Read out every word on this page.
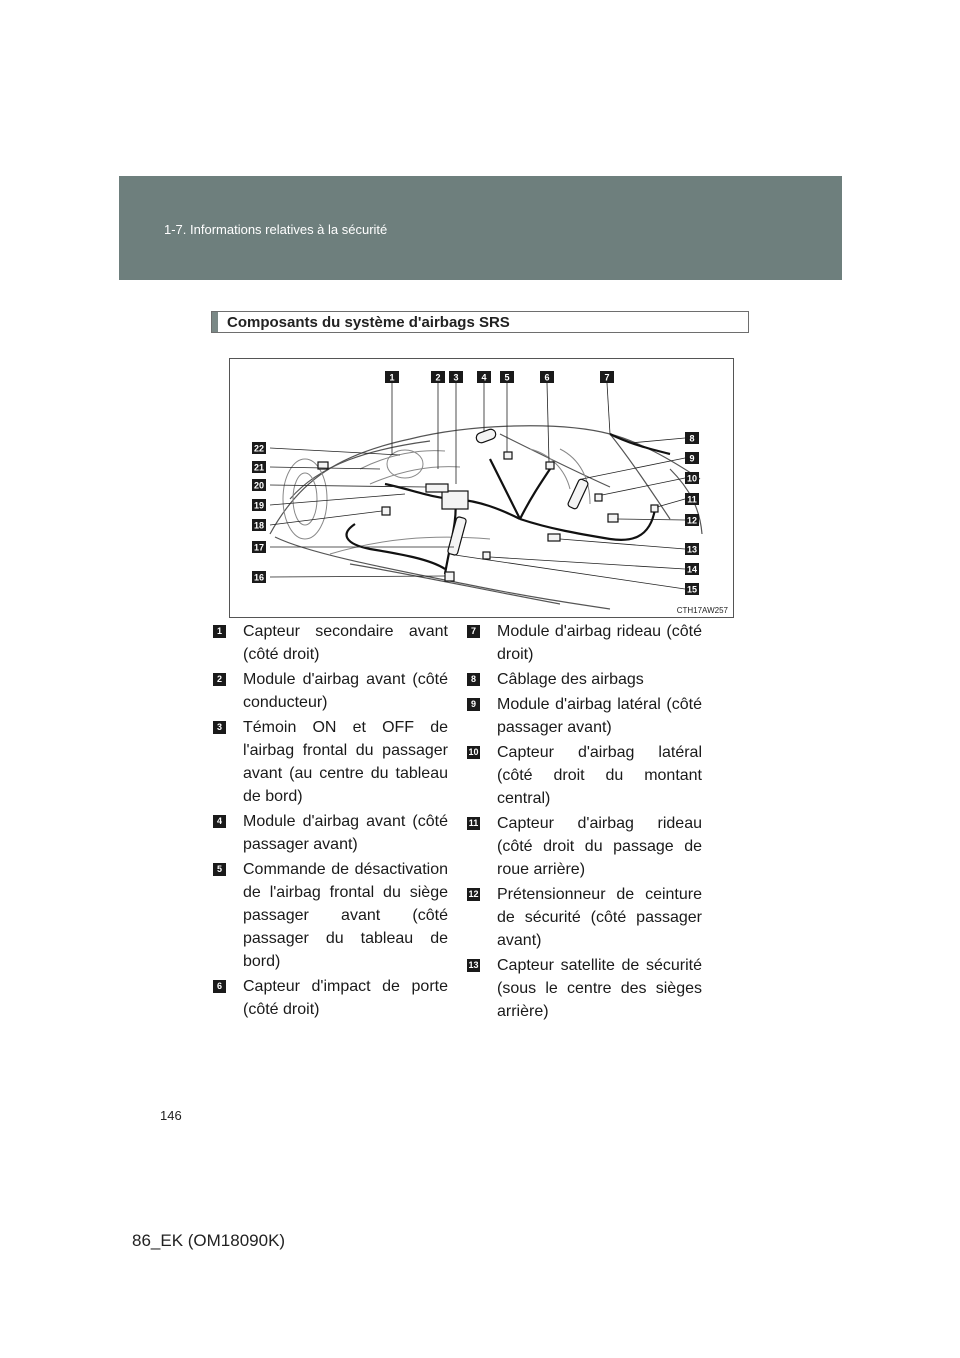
1-7. Informations relatives à la sécurité
Composants du système d'airbags SRS
1	2 3	4 5	6	7
8
9
10
11
12
13
14
15
22
21
20
19
18
17
16
CTH17AW257
1 Capteur secondaire avant (côté droit)
2 Module d'airbag avant (côté conducteur)
3 Témoin ON et OFF de l'airbag frontal du passager avant (au centre du tableau de bord)
4 Module d'airbag avant (côté passager avant)
5 Commande de désactivation de l'airbag frontal du siège passager avant (côté passager du tableau de bord)
6 Capteur d'impact de porte (côté droit)
7 Module d'airbag rideau (côté droit)
8 Câblage des airbags
9 Module d'airbag latéral (côté passager avant)
10 Capteur d'airbag latéral (côté droit du montant central)
11 Capteur d'airbag rideau (côté droit du passage de roue arrière)
12 Prétensionneur de ceinture de sécurité (côté passager avant)
13 Capteur satellite de sécurité (sous le centre des sièges arrière)
146
86_EK (OM18090K)
